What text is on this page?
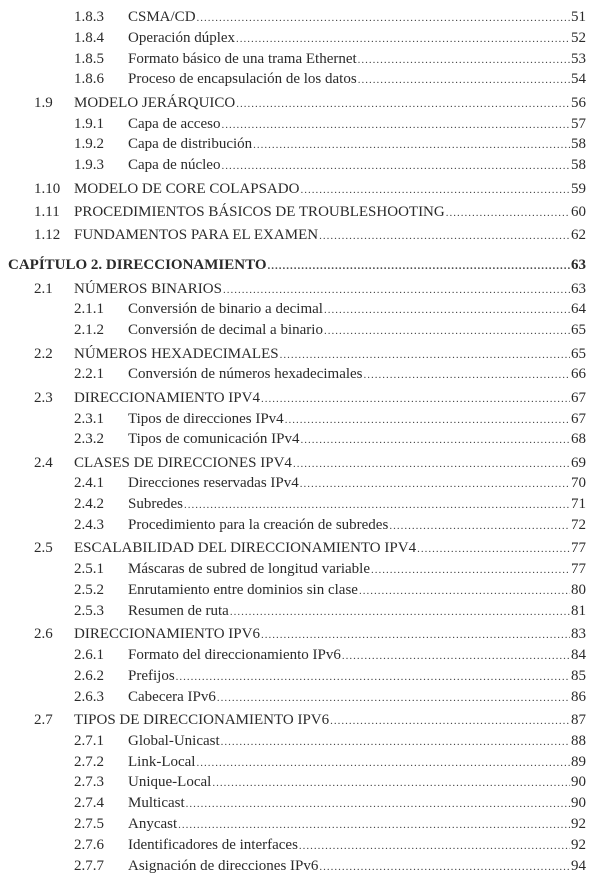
1.8.3	CSMA/CD .....	51
1.8.4	Operación dúplex .....	52
1.8.5	Formato básico de una trama Ethernet .....	53
1.8.6	Proceso de encapsulación de los datos .....	54
1.9	MODELO JERÁRQUICO .....	56
1.9.1	Capa de acceso .....	57
1.9.2	Capa de distribución .....	58
1.9.3	Capa de núcleo .....	58
1.10 MODELO DE CORE COLAPSADO .....	59
1.11 PROCEDIMIENTOS BÁSICOS DE TROUBLESHOOTING .....	60
1.12 FUNDAMENTOS PARA EL EXAMEN .....	62
CAPÍTULO 2. DIRECCIONAMIENTO .....	63
2.1	NÚMEROS BINARIOS .....	63
2.1.1	Conversión de binario a decimal .....	64
2.1.2	Conversión de decimal a binario .....	65
2.2	NÚMEROS HEXADECIMALES .....	65
2.2.1	Conversión de números hexadecimales .....	66
2.3	DIRECCIONAMIENTO IPV4 .....	67
2.3.1	Tipos de direcciones IPv4 .....	67
2.3.2	Tipos de comunicación IPv4 .....	68
2.4	CLASES DE DIRECCIONES IPV4 .....	69
2.4.1	Direcciones reservadas IPv4 .....	70
2.4.2	Subredes .....	71
2.4.3	Procedimiento para la creación de subredes .....	72
2.5	ESCALABILIDAD DEL DIRECCIONAMIENTO IPV4 .....	77
2.5.1	Máscaras de subred de longitud variable .....	77
2.5.2	Enrutamiento entre dominios sin clase .....	80
2.5.3	Resumen de ruta .....	81
2.6	DIRECCIONAMIENTO IPV6 .....	83
2.6.1	Formato del direccionamiento IPv6 .....	84
2.6.2	Prefijos .....	85
2.6.3	Cabecera IPv6 .....	86
2.7	TIPOS DE DIRECCIONAMIENTO IPV6 .....	87
2.7.1	Global-Unicast .....	88
2.7.2	Link-Local .....	89
2.7.3	Unique-Local .....	90
2.7.4	Multicast .....	90
2.7.5	Anycast .....	92
2.7.6	Identificadores de interfaces .....	92
2.7.7	Asignación de direcciones IPv6 .....	94
